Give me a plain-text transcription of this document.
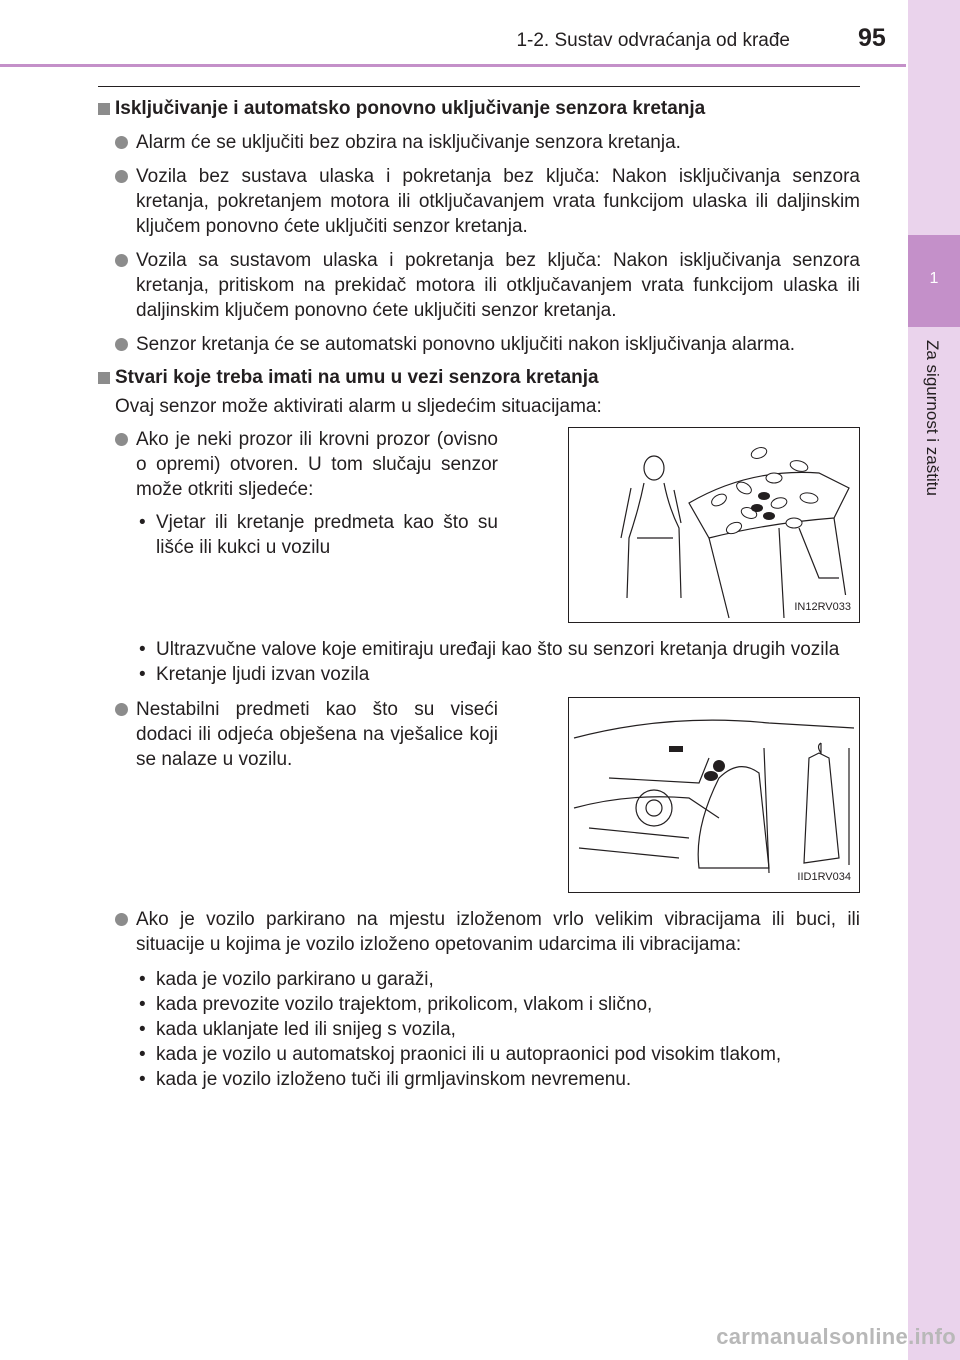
1-2. Sustav odvraćanja od krađe	95
1
Za sigurnost i zaštitu
Isključivanje i automatsko ponovno uključivanje senzora kretanja
Alarm će se uključiti bez obzira na isključivanje senzora kretanja.
Vozila bez sustava ulaska i pokretanja bez ključa: Nakon isključivanja senzora kretanja, pokretanjem motora ili otključavanjem vrata funkcijom ulaska ili daljinskim ključem ponovno ćete uključiti senzor kretanja.
Vozila sa sustavom ulaska i pokretanja bez ključa: Nakon isključivanja senzora kretanja, pritiskom na prekidač motora ili otključavanjem vrata funkcijom ulaska ili daljinskim ključem ponovno ćete uključiti senzor kretanja.
Senzor kretanja će se automatski ponovno uključiti nakon isključivanja alarma.
Stvari koje treba imati na umu u vezi senzora kretanja
Ovaj senzor može aktivirati alarm u sljedećim situacijama:
Ako je neki prozor ili krovni prozor (ovisno o opremi) otvoren. U tom slučaju senzor može otkriti sljedeće:
• Vjetar ili kretanje predmeta kao što su lišće ili kukci u vozilu
IN12RV033
• Ultrazvučne valove koje emitiraju uređaji kao što su senzori kretanja drugih vozila
• Kretanje ljudi izvan vozila
Nestabilni predmeti kao što su viseći dodaci ili odjeća obješena na vješalice koji se nalaze u vozilu.
IID1RV034
Ako je vozilo parkirano na mjestu izloženom vrlo velikim vibracijama ili buci, ili situacije u kojima je vozilo izloženo opetovanim udarcima ili vibracijama:
• kada je vozilo parkirano u garaži,
• kada prevozite vozilo trajektom, prikolicom, vlakom i slično,
• kada uklanjate led ili snijeg s vozila,
• kada je vozilo u automatskoj praonici ili u autopraonici pod visokim tlakom,
• kada je vozilo izloženo tuči ili grmljavinskom nevremenu.
carmanualsonline.info
